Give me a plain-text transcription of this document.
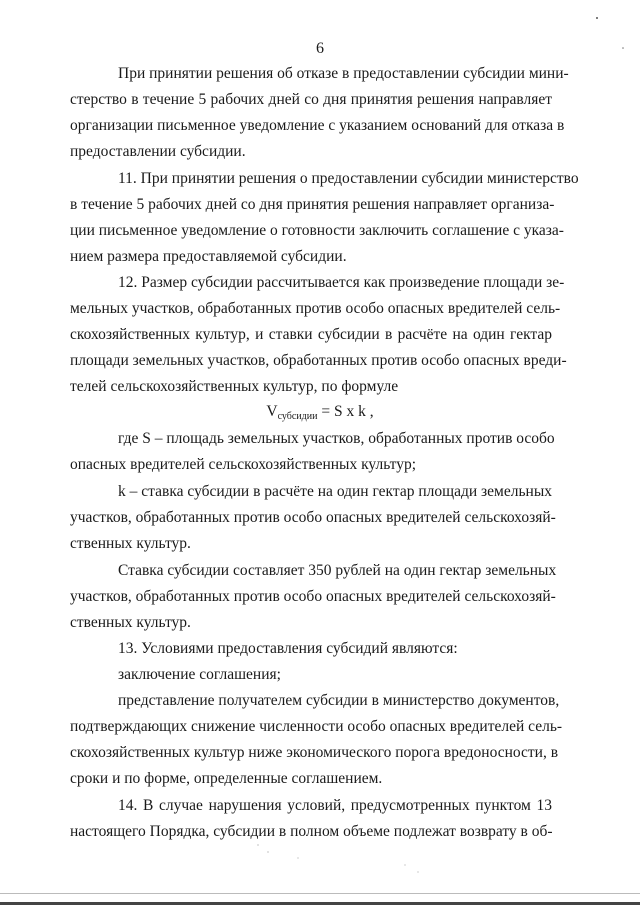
6
При принятии решения об отказе в предоставлении субсидии мини-
стерство в течение 5 рабочих дней со дня принятия решения направляет
организации письменное уведомление с указанием оснований для отказа в
предоставлении субсидии.
11. При принятии решения о предоставлении субсидии министерство
в течение 5 рабочих дней со дня принятия решения направляет организа-
ции письменное уведомление о готовности заключить соглашение с указа-
нием размера предоставляемой субсидии.
12. Размер субсидии рассчитывается как произведение площади зе-
мельных участков, обработанных против особо опасных вредителей сель-
скохозяйственных культур, и ставки субсидии в расчёте на один гектар
площади земельных участков, обработанных против особо опасных вреди-
телей сельскохозяйственных культур, по формуле
$V_{субсидии} = S$ x k ,
где S – площадь земельных участков, обработанных против особо
опасных вредителей сельскохозяйственных культур;
k – ставка субсидии в расчёте на один гектар площади земельных
участков, обработанных против особо опасных вредителей сельскохозяй-
ственных культур.
Ставка субсидии составляет 350 рублей на один гектар земельных
участков, обработанных против особо опасных вредителей сельскохозяй-
ственных культур.
13. Условиями предоставления субсидий являются:
заключение соглашения;
представление получателем субсидии в министерство документов,
подтверждающих снижение численности особо опасных вредителей сель-
скохозяйственных культур ниже экономического порога вредоносности, в
сроки и по форме, определенные соглашением.
14. В случае нарушения условий, предусмотренных пунктом 13
настоящего Порядка, субсидии в полном объеме подлежат возврату в об-
